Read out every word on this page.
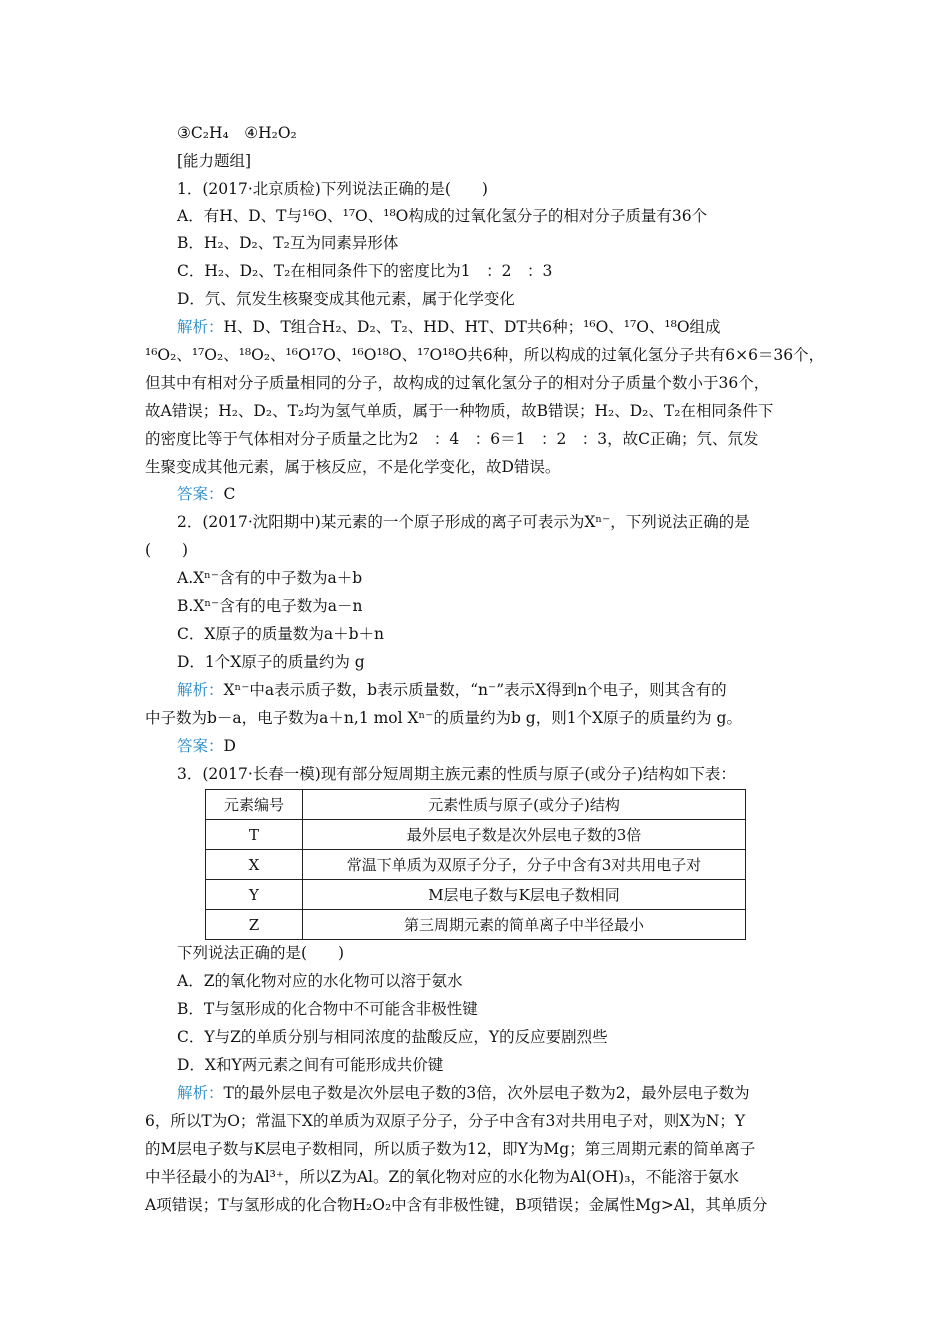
③C₂H₄　④H₂O₂
[能力题组]
1．(2017·北京质检)下列说法正确的是(　　)
A．有H、D、T与¹⁶O、¹⁷O、¹⁸O构成的过氧化氢分子的相对分子质量有36个
B．H₂、D₂、T₂互为同素异形体
C．H₂、D₂、T₂在相同条件下的密度比为1　：2　：3
D．氕、氘发生核聚变成其他元素，属于化学变化
解析：H、D、T组合H₂、D₂、T₂、HD、HT、DT共6种；¹⁶O、¹⁷O、¹⁸O组成
¹⁶O₂、¹⁷O₂、¹⁸O₂、¹⁶O¹⁷O、¹⁶O¹⁸O、¹⁷O¹⁸O共6种，所以构成的过氧化氢分子共有6×6＝36个，
但其中有相对分子质量相同的分子，故构成的过氧化氢分子的相对分子质量个数小于36个，
故A错误；H₂、D₂、T₂均为氢气单质，属于一种物质，故B错误；H₂、D₂、T₂在相同条件下
的密度比等于气体相对分子质量之比为2　：4　：6＝1　：2　：3，故C正确；氕、氘发
生聚变成其他元素，属于核反应，不是化学变化，故D错误。
答案：C
2．(2017·沈阳期中)某元素的一个原子形成的离子可表示为Xⁿ⁻，下列说法正确的是
(　　)
A.Xⁿ⁻含有的中子数为a＋b
B.Xⁿ⁻含有的电子数为a－n
C．X原子的质量数为a＋b＋n
D．1个X原子的质量约为 g
解析：Xⁿ⁻中a表示质子数，b表示质量数，“n⁻”表示X得到n个电子，则其含有的
中子数为b－a，电子数为a＋n,1 mol Xⁿ⁻的质量约为b g，则1个X原子的质量约为 g。
答案：D
3．(2017·长春一模)现有部分短周期主族元素的性质与原子(或分子)结构如下表：
元素编号	元素性质与原子(或分子)结构
T	最外层电子数是次外层电子数的3倍
X	常温下单质为双原子分子，分子中含有3对共用电子对
Y	M层电子数与K层电子数相同
Z	第三周期元素的简单离子中半径最小
下列说法正确的是(　　)
A．Z的氧化物对应的水化物可以溶于氨水
B．T与氢形成的化合物中不可能含非极性键
C．Y与Z的单质分别与相同浓度的盐酸反应，Y的反应要剧烈些
D．X和Y两元素之间有可能形成共价键
解析：T的最外层电子数是次外层电子数的3倍，次外层电子数为2，最外层电子数为
6，所以T为O；常温下X的单质为双原子分子，分子中含有3对共用电子对，则X为N；Y
的M层电子数与K层电子数相同，所以质子数为12，即Y为Mg；第三周期元素的简单离子
中半径最小的为Al³⁺，所以Z为Al。Z的氧化物对应的水化物为Al(OH)₃，不能溶于氨水
A项错误；T与氢形成的化合物H₂O₂中含有非极性键，B项错误；金属性Mg>Al，其单质分
